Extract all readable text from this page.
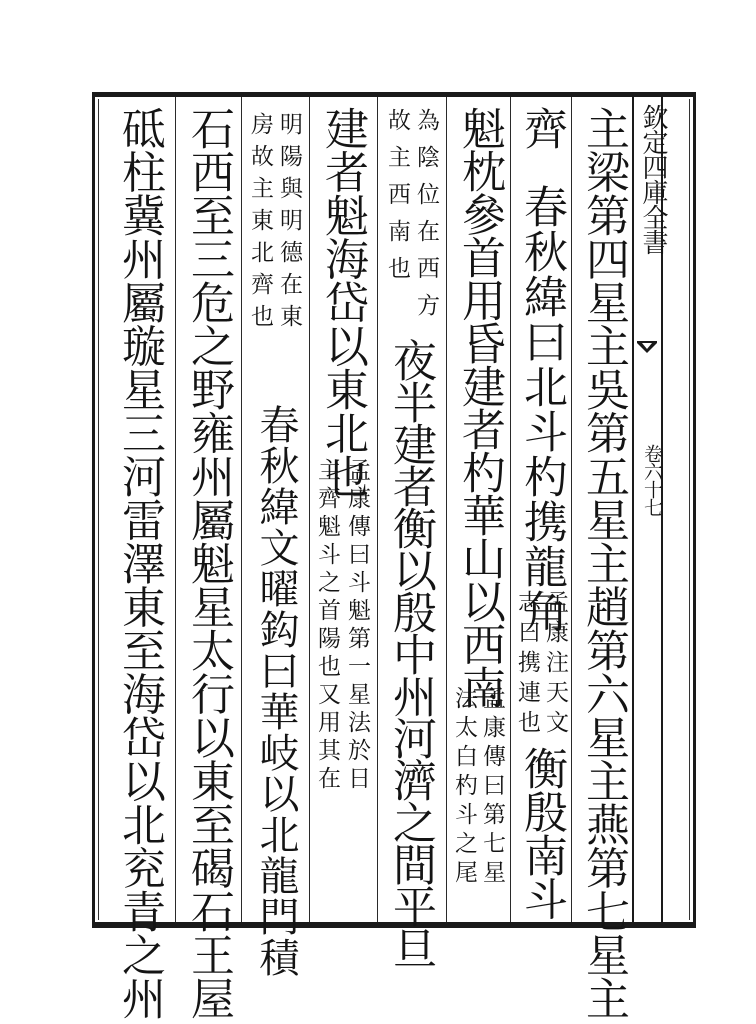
欽定四庫全書
卷六十七
主梁第四星主吳第五星主趙第六星主燕第七星主
齊
春秋緯曰北斗杓携龍角
孟康注天文
志曰携連也
衡殷南斗
魁枕參首用昏建者杓華山以西南
孟康傳曰第七星
法太白杓斗之尾
為陰位在西方
故主西南也
夜半建者衡以殷中州河濟之間平旦
建者魁海岱以東北也
孟康傳曰斗魁第一星法於日
主齊魁斗之首陽也又用其在
明陽與明德在東
房故主東北齊也
春秋緯文曜鈎曰華岐以北龍門積
石西至三危之野雍州屬魁星太行以東至碣石王屋
砥柱冀州屬璇星三河雷澤東至海岱以北兖青之州
